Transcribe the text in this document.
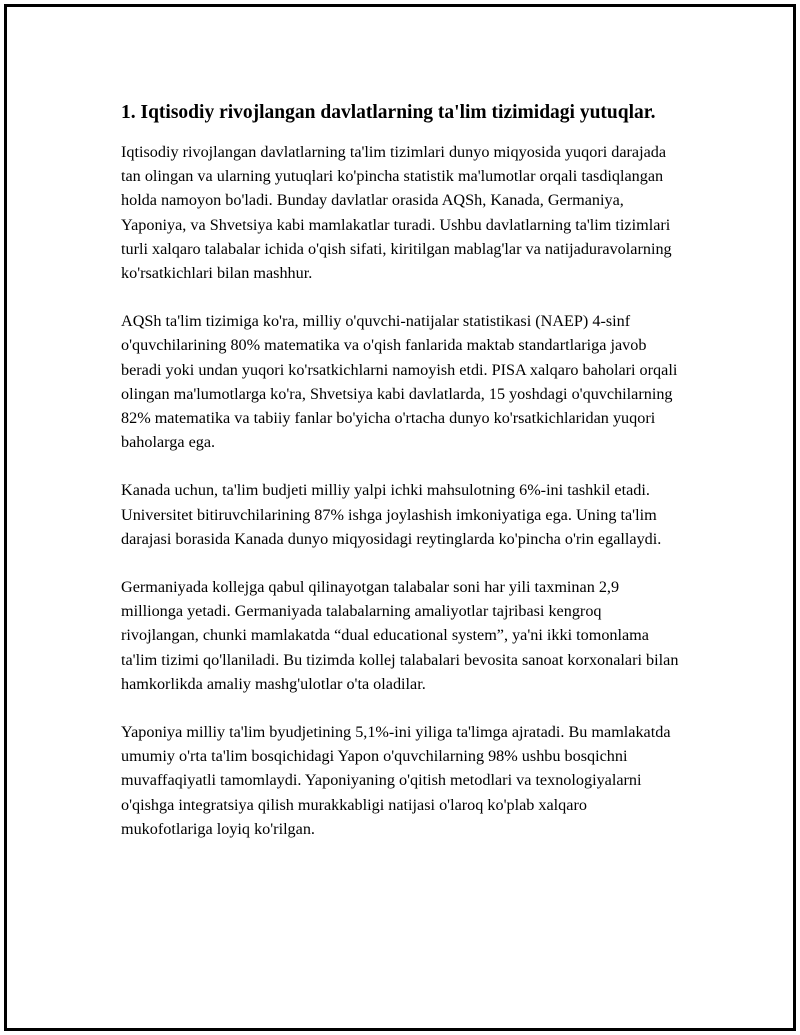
1. Iqtisodiy rivojlangan davlatlarning ta'lim tizimidagi yutuqlar.

Iqtisodiy rivojlangan davlatlarning ta'lim tizimlari dunyo miqyosida yuqori darajada tan olingan va ularning yutuqlari ko'pincha statistik ma'lumotlar orqali tasdiqlangan holda namoyon bo'ladi. Bunday davlatlar orasida AQSh, Kanada, Germaniya, Yaponiya, va Shvetsiya kabi mamlakatlar turadi. Ushbu davlatlarning ta'lim tizimlari turli xalqaro talabalar ichida o'qish sifati, kiritilgan mablag'lar va natijaduravolarning ko'rsatkichlari bilan mashhur.

AQSh ta'lim tizimiga ko'ra, milliy o'quvchi-natijalar statistikasi (NAEP) 4-sinf o'quvchilarining 80% matematika va o'qish fanlarida maktab standartlariga javob beradi yoki undan yuqori ko'rsatkichlarni namoyish etdi. PISA xalqaro baholari orqali olingan ma'lumotlarga ko'ra, Shvetsiya kabi davlatlarda, 15 yoshdagi o'quvchilarning 82% matematika va tabiiy fanlar bo'yicha o'rtacha dunyo ko'rsatkichlaridan yuqori baholarga ega.

Kanada uchun, ta'lim budjeti milliy yalpi ichki mahsulotning 6%-ini tashkil etadi. Universitet bitiruvchilarining 87% ishga joylashish imkoniyatiga ega. Uning ta'lim darajasi borasida Kanada dunyo miqyosidagi reytinglarda ko'pincha o'rin egallaydi.

Germaniyada kollejga qabul qilinayotgan talabalar soni har yili taxminan 2,9 millionga yetadi. Germaniyada talabalarning amaliyotlar tajribasi kengroq rivojlangan, chunki mamlakatda “dual educational system”, ya'ni ikki tomonlama ta'lim tizimi qo'llaniladi. Bu tizimda kollej talabalari bevosita sanoat korxonalari bilan hamkorlikda amaliy mashg'ulotlar o'ta oladilar.

Yaponiya milliy ta'lim byudjetining 5,1%-ini yiliga ta'limga ajratadi. Bu mamlakatda umumiy o'rta ta'lim bosqichidagi Yapon o'quvchilarning 98% ushbu bosqichni muvaffaqiyatli tamomlaydi. Yaponiyaning o'qitish metodlari va texnologiyalarni o'qishga integratsiya qilish murakkabligi natijasi o'laroq ko'plab xalqaro mukofotlariga loyiq ko'rilgan.
